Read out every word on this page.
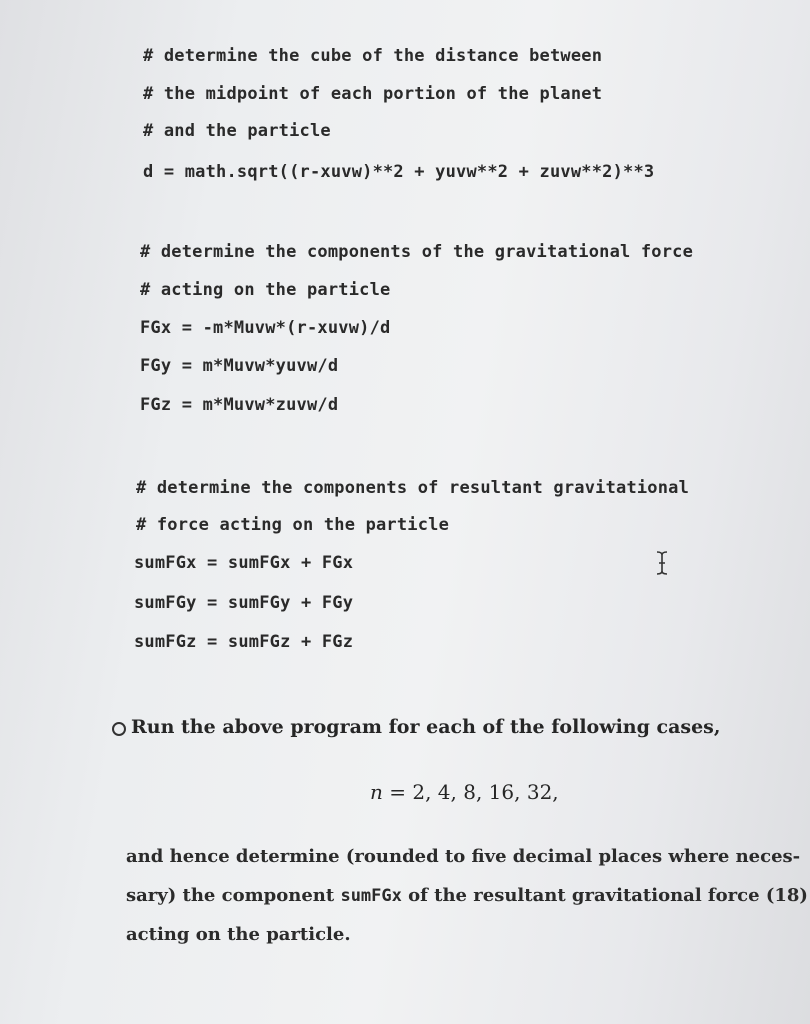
# determine the cube of the distance between
# the midpoint of each portion of the planet
# and the particle
d = math.sqrt((r-xuvw)**2 + yuvw**2 + zuvw**2)**3
# determine the components of the gravitational force
# acting on the particle
FGx = -m*Muvw*(r-xuvw)/d
FGy = m*Muvw*yuvw/d
FGz = m*Muvw*zuvw/d
# determine the components of resultant gravitational
# force acting on the particle
sumFGx = sumFGx + FGx
sumFGy = sumFGy + FGy
sumFGz = sumFGz + FGz
Run the above program for each of the following cases,
n = 2, 4, 8, 16, 32,
and hence determine (rounded to five decimal places where neces-
sary) the component sumFGx of the resultant gravitational force (18)
acting on the particle.
